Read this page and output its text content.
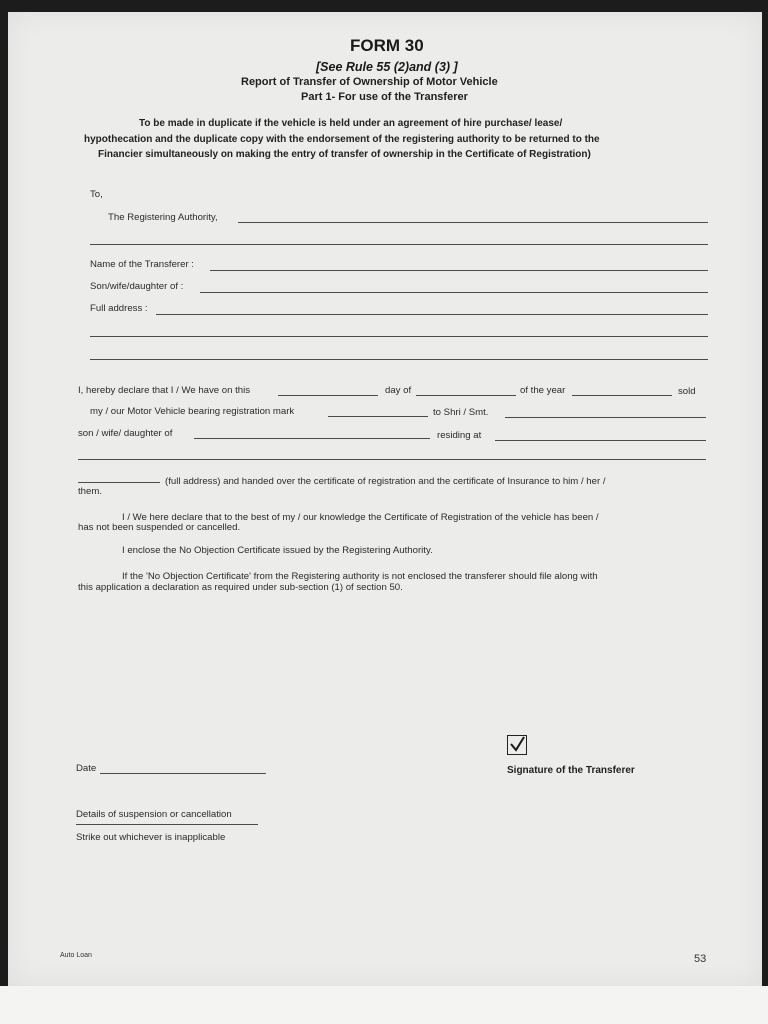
FORM 30
[See Rule 55 (2)and (3) ]
Report of Transfer of Ownership of Motor Vehicle
Part 1- For use of the Transferer
To be made in duplicate if the vehicle is held under an agreement of hire purchase/ lease/
hypothecation and the duplicate copy with the endorsement of the registering authority to be returned to the
Financier simultaneously on making the entry of transfer of ownership in the Certificate of Registration)
To,
The Registering Authority,
Name of the Transferer :
Son/wife/daughter of :
Full address :
I, hereby declare that I / We have on this	day of	of the year	sold
my / our Motor Vehicle bearing registration mark	to Shri / Smt.
son / wife/ daughter of	residing at
(full address) and handed over the certificate of registration and the certificate of Insurance to him / her /
them.
I / We here declare that to the best of my / our knowledge the Certificate of Registration of the vehicle has been /
has not been suspended or cancelled.
I enclose the No Objection Certificate issued by the Registering Authority.
If the 'No Objection Certificate' from the Registering authority is not enclosed the transferer should file along with
this application a declaration as required under sub-section (1) of section 50.
Signature of the Transferer
Date
Details of suspension or cancellation
Strike out whichever is inapplicable
Auto Loan	53
